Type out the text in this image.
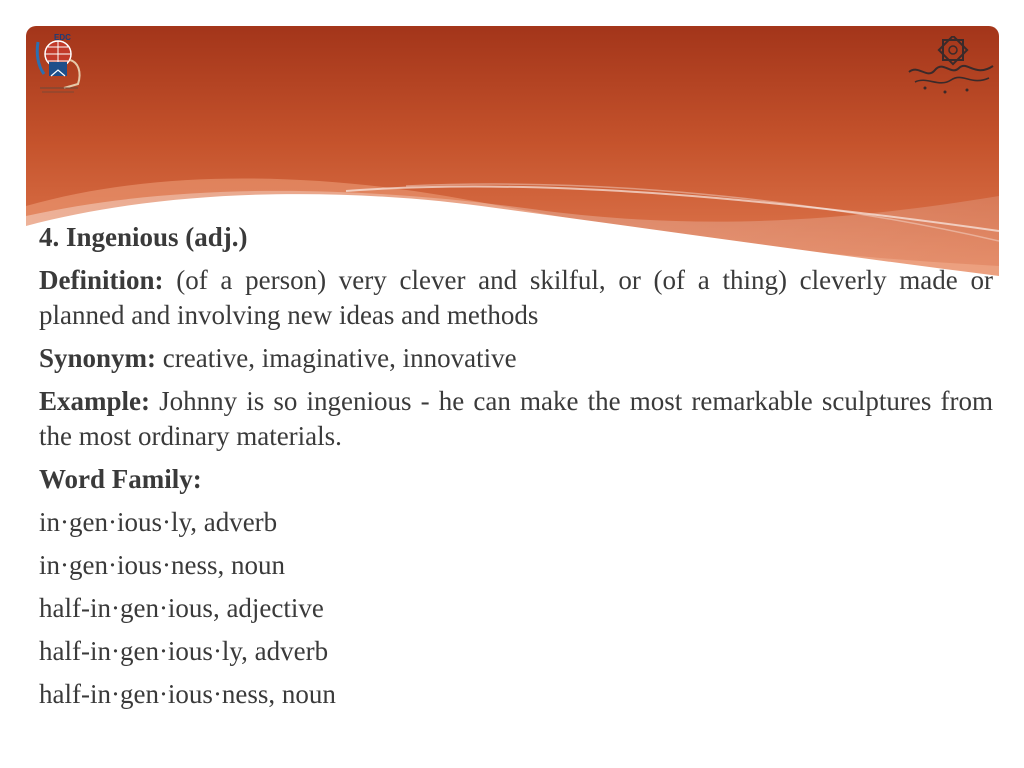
EDC

4. Ingenious (adj.)

Definition: (of a person) very clever and skilful, or (of a thing) cleverly made or planned and involving new ideas and methods

Synonym: creative, imaginative, innovative

Example: Johnny is so ingenious - he can make the most remarkable sculptures from the most ordinary materials.

Word Family:

in·gen·ious·ly, adverb

in·gen·ious·ness, noun

half-in·gen·ious, adjective

half-in·gen·ious·ly, adverb

half-in·gen·ious·ness, noun
